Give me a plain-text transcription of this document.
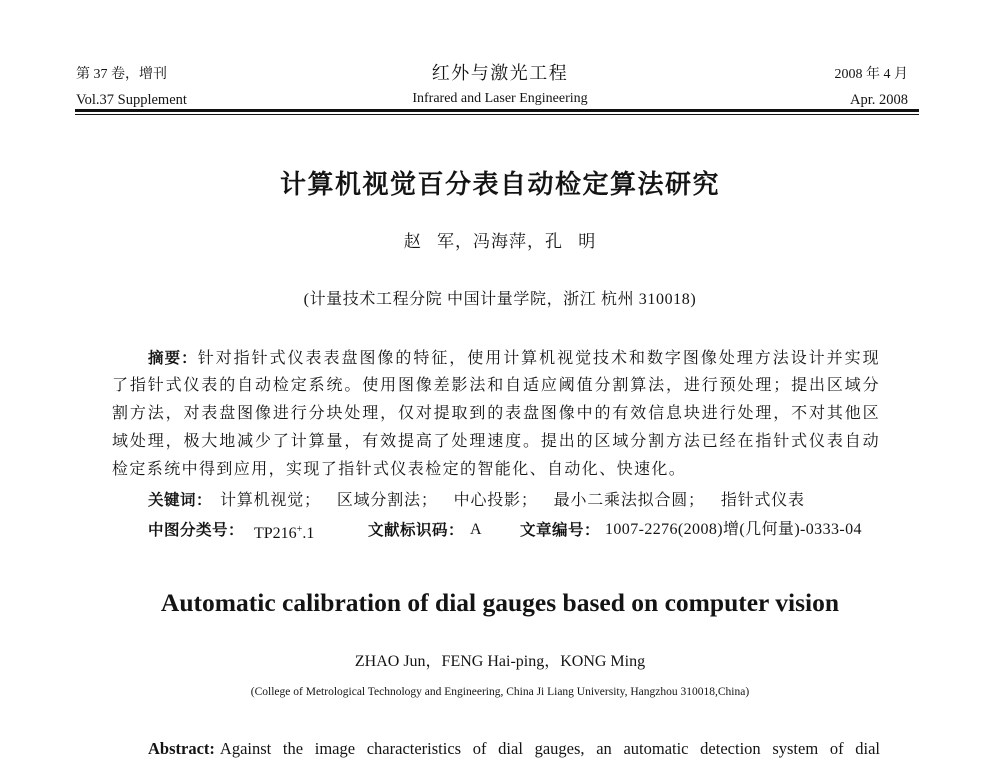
第 37 卷，增刊
Vol.37 Supplement
红外与激光工程
Infrared and Laser Engineering
2008 年 4 月
Apr. 2008
计算机视觉百分表自动检定算法研究
赵 军，冯海萍，孔 明
(计量技术工程分院 中国计量学院，浙江 杭州 310018)
摘要：针对指针式仪表表盘图像的特征，使用计算机视觉技术和数字图像处理方法设计并实现
了指针式仪表的自动检定系统。使用图像差影法和自适应阈值分割算法，进行预处理；提出区域分
割方法，对表盘图像进行分块处理，仅对提取到的表盘图像中的有效信息块进行处理，不对其他区
域处理，极大地减少了计算量，有效提高了处理速度。提出的区域分割方法已经在指针式仪表自动
检定系统中得到应用，实现了指针式仪表检定的智能化、自动化、快速化。
关键词： 计算机视觉； 区域分割法； 中心投影； 最小二乘法拟合圆； 指针式仪表
中图分类号： TP216+.1	文献标识码： A 文章编号： 1007-2276(2008)增(几何量)-0333-04
Automatic calibration of dial gauges based on computer vision
ZHAO Jun，FENG Hai-ping，KONG Ming
(College of Metrological Technology and Engineering, China Ji Liang University, Hangzhou 310018,China)
Abstract: Against the image characteristics of dial gauges, an automatic detection system of dial
